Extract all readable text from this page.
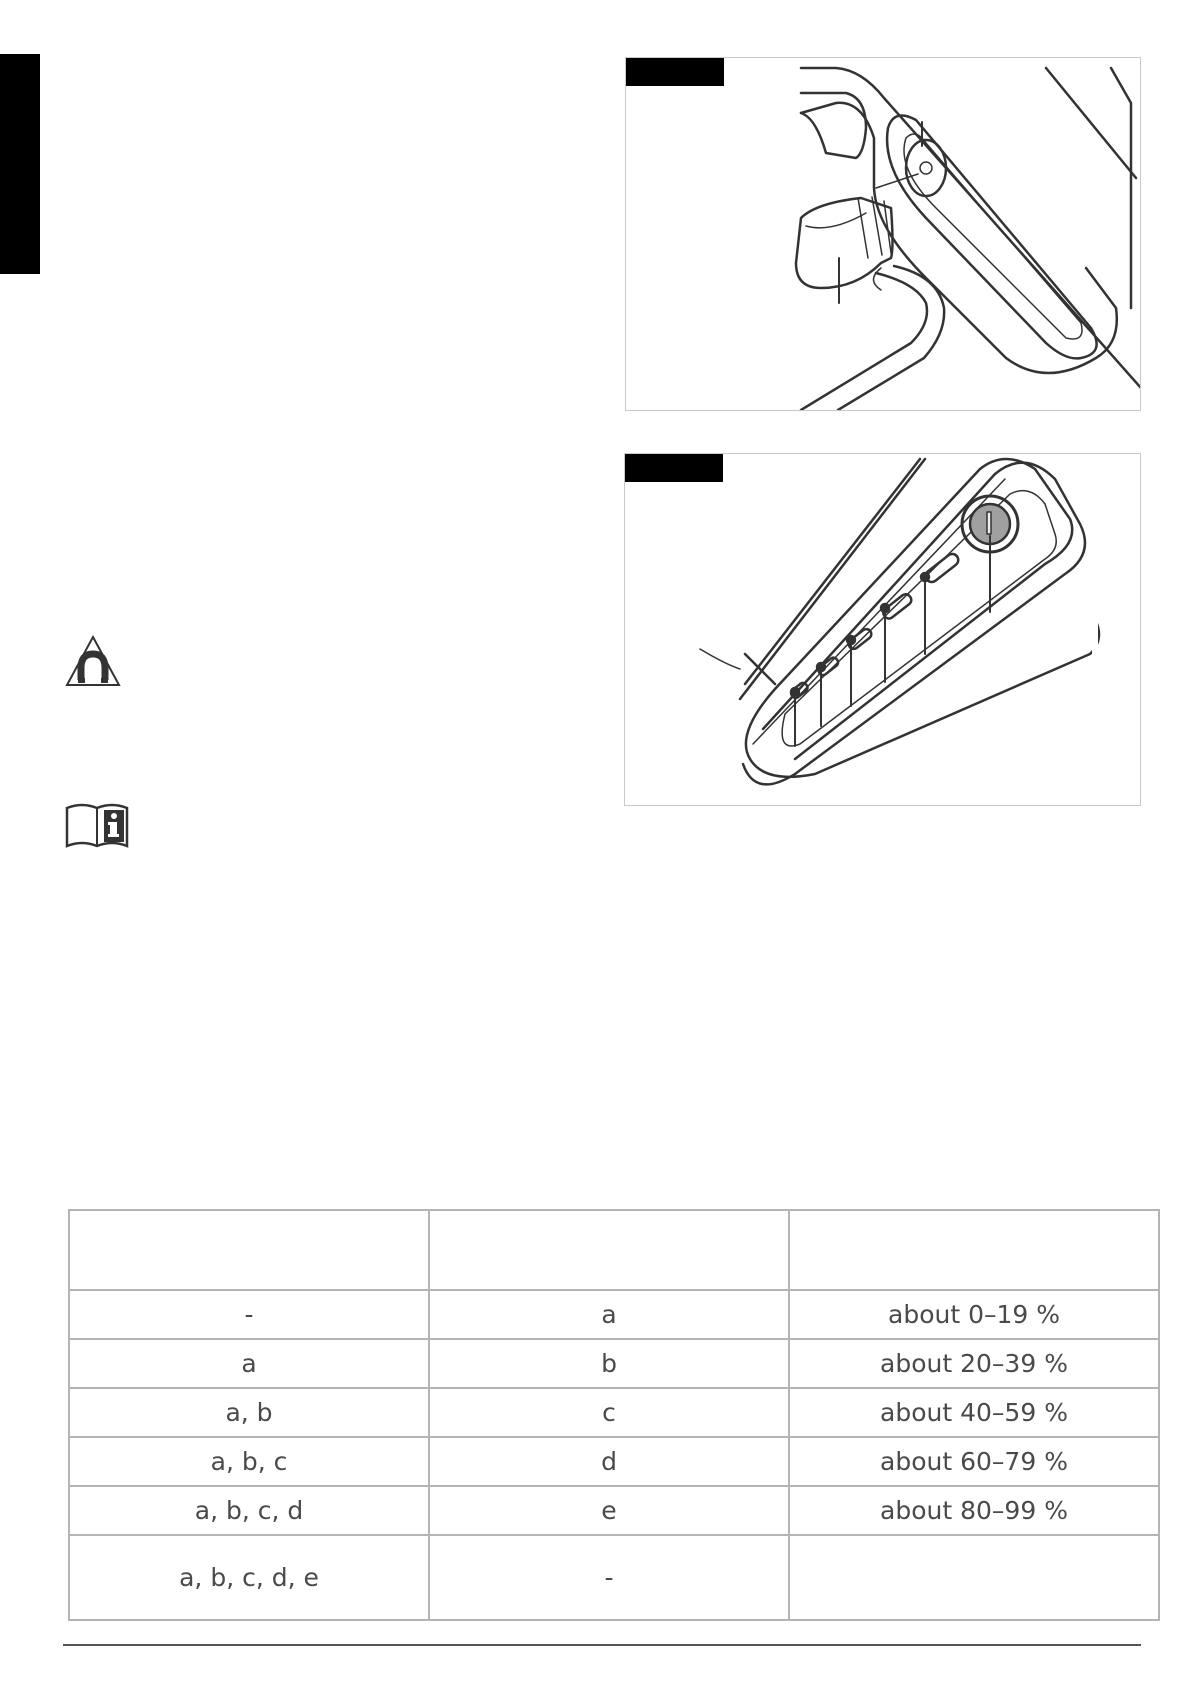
-	a	about 0–19 %
a	b	about 20–39 %
a, b	c	about 40–59 %
a, b, c	d	about 60–79 %
a, b, c, d	e	about 80–99 %
a, b, c, d, e	-	
